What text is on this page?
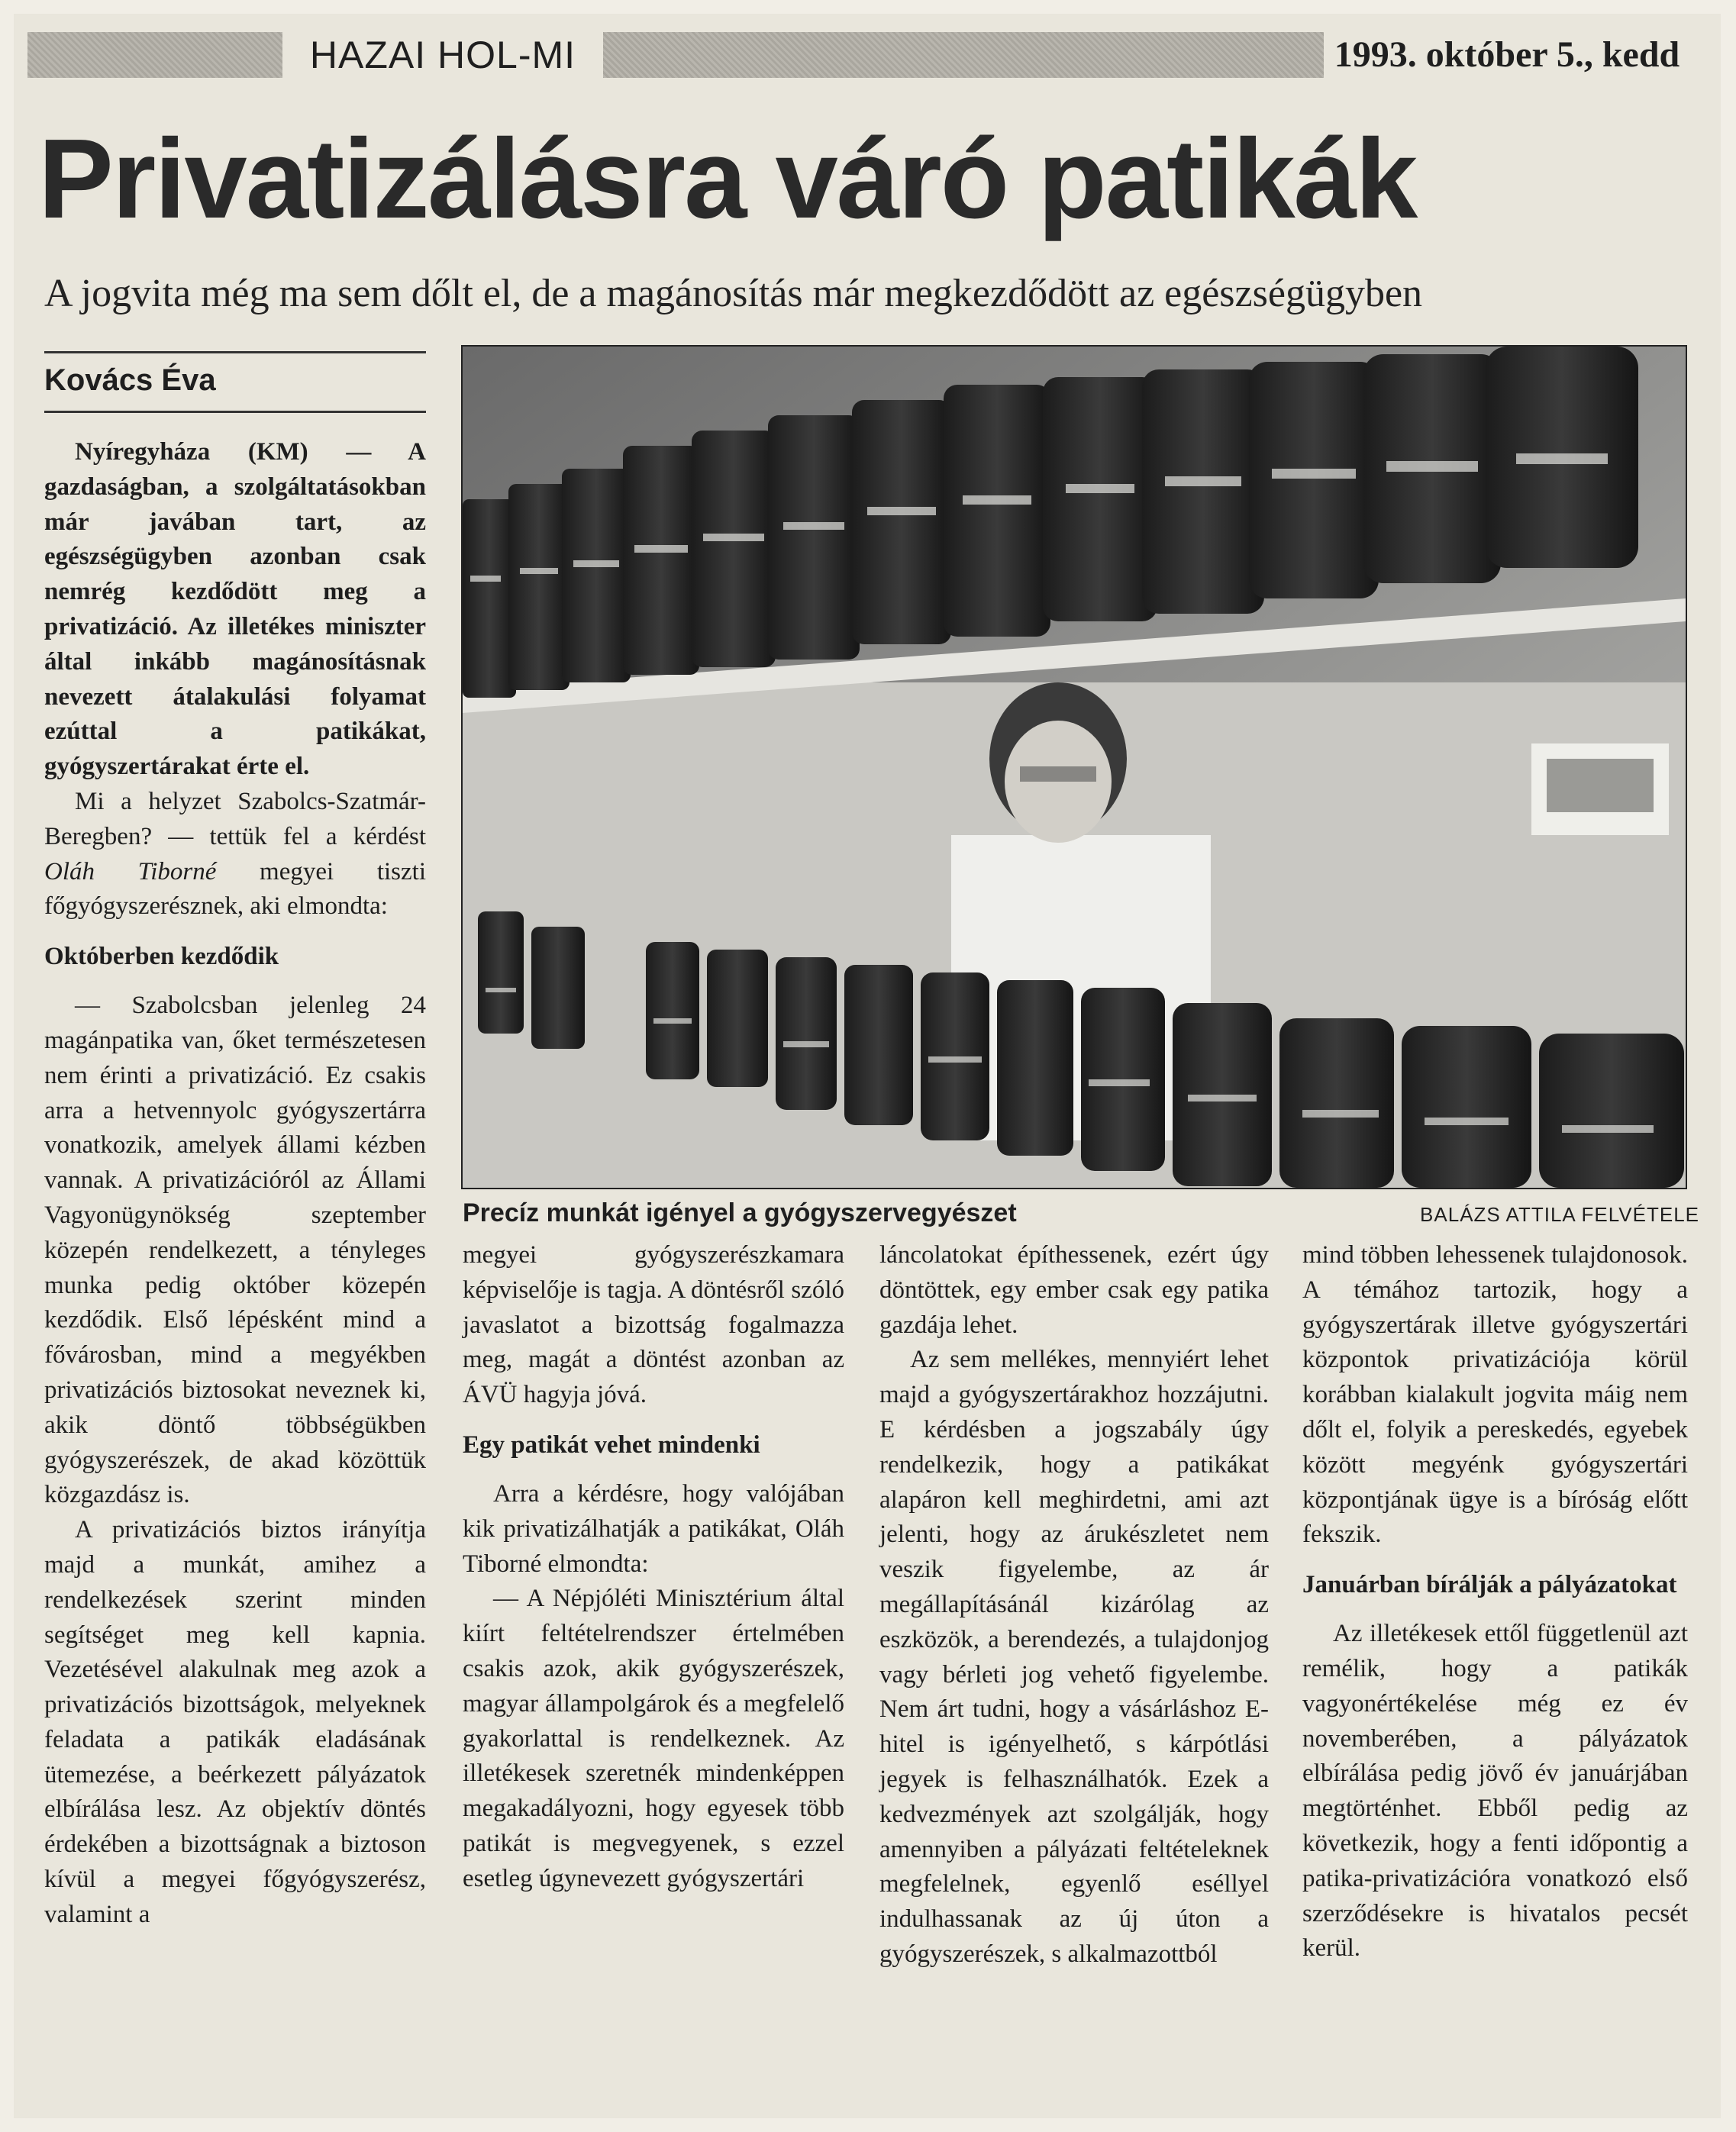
HAZAI HOL-MI	1993. október 5., kedd
Privatizálásra váró patikák
A jogvita még ma sem dőlt el, de a magánosítás már megkezdődött az egészségügyben
Kovács Éva
Precíz munkát igényel a gyógyszervegyészet	BALÁZS ATTILA FELVÉTELE

Nyíregyháza (KM) — A gazdaságban, a szolgáltatásokban már javában tart, az egészségügyben azonban csak nemrég kezdődött meg a privatizáció. Az illetékes miniszter által inkább magánosításnak nevezett átalakulási folyamat ezúttal a patikákat, gyógyszertárakat érte el.

Mi a helyzet Szabolcs-Szatmár-Beregben? — tettük fel a kérdést Oláh Tiborné megyei tiszti főgyógyszerésznek, aki elmondta:

Októberben kezdődik

— Szabolcsban jelenleg 24 magánpatika van, őket természetesen nem érinti a privatizáció. Ez csakis arra a hetvennyolc gyógyszertárra vonatkozik, amelyek állami kézben vannak. A privatizációról az Állami Vagyonügynökség szeptember közepén rendelkezett, a tényleges munka pedig október közepén kezdődik. Első lépésként mind a fővárosban, mind a megyékben privatizációs biztosokat neveznek ki, akik döntő többségükben gyógyszerészek, de akad közöttük közgazdász is.

A privatizációs biztos irányítja majd a munkát, amihez a rendelkezések szerint minden segítséget meg kell kapnia. Vezetésével alakulnak meg azok a privatizációs bizottságok, melyeknek feladata a patikák eladásának ütemezése, a beérkezett pályázatok elbírálása lesz. Az objektív döntés érdekében a bizottságnak a biztoson kívül a megyei főgyógyszerész, valamint a

megyei gyógyszerészkamara képviselője is tagja. A döntésről szóló javaslatot a bizottság fogalmazza meg, magát a döntést azonban az ÁVÜ hagyja jóvá.

Egy patikát vehet mindenki

Arra a kérdésre, hogy valójában kik privatizálhatják a patikákat, Oláh Tiborné elmondta:

— A Népjóléti Minisztérium által kiírt feltételrendszer értelmében csakis azok, akik gyógyszerészek, magyar állampolgárok és a megfelelő gyakorlattal is rendelkeznek. Az illetékesek szeretnék mindenképpen megakadályozni, hogy egyesek több patikát is megvegyenek, s ezzel esetleg úgynevezett gyógyszertári

láncolatokat építhessenek, ezért úgy döntöttek, egy ember csak egy patika gazdája lehet.

Az sem mellékes, mennyiért lehet majd a gyógyszertárakhoz hozzájutni. E kérdésben a jogszabály úgy rendelkezik, hogy a patikákat alapáron kell meghirdetni, ami azt jelenti, hogy az árukészletet nem veszik figyelembe, az ár megállapításánál kizárólag az eszközök, a berendezés, a tulajdonjog vagy bérleti jog vehető figyelembe. Nem árt tudni, hogy a vásárláshoz E-hitel is igényelhető, s kárpótlási jegyek is felhasználhatók. Ezek a kedvezmények azt szolgálják, hogy amennyiben a pályázati feltételeknek megfelelnek, egyenlő eséllyel indulhassanak az új úton a gyógyszerészek, s alkalmazottból

mind többen lehessenek tulajdonosok. A témához tartozik, hogy a gyógyszertárak illetve gyógyszertári központok privatizációja körül korábban kialakult jogvita máig nem dőlt el, folyik a pereskedés, egyebek között megyénk gyógyszertári központjának ügye is a bíróság előtt fekszik.

Januárban bírálják a pályázatokat

Az illetékesek ettől függetlenül azt remélik, hogy a patikák vagyonértékelése még ez év novemberében, a pályázatok elbírálása pedig jövő év januárjában megtörténhet. Ebből pedig az következik, hogy a fenti időpontig a patika-privatizációra vonatkozó első szerződésekre is hivatalos pecsét kerül.
